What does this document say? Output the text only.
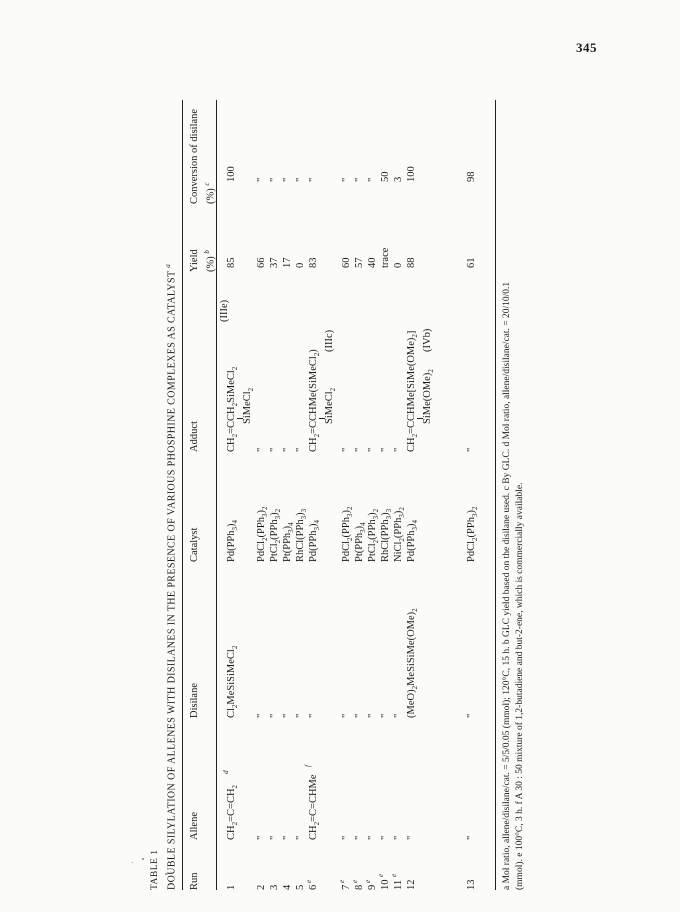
345
TABLE 1 DOUBLE SILYLATION OF ALLENES WITH DISILANES IN THE PRESENCE OF VARIOUS PHOSPHINE COMPLEXES AS CATALYST $^a$
Run
Allene
Disilane
Catalyst
Adduct
Yield (%) $^b$
Conversion of disilane (%) $^c$
1
$CH_2=C=CH_2$
d
$Cl_2MeSiSiMeCl_2$
$Pd(PPh_3)_4$
$CH_2=CCH_2SiMeCl_2$
SiMeCl$_2$
(IIIe)
85
100
2
"
"
$PdCl_2(PPh_3)_2$
"
66
"
3
"
"
$PtCl_2(PPh_3)_2$
"
37
"
4
"
"
$Pt(PPh_3)_4$
"
17
"
5
"
"
$RhCl(PPh_3)_3$
"
0
"
6
e
$CH_2=C=CHMe$
f
"
$Pd(PPh_3)_4$
$CH_2=CCHMe(SiMeCl_2)$
SiMeCl$_2$
(IIIc)
83
"
7
e
"
"
$PdCl_2(PPh_3)_2$
"
60
"
8
e
"
"
$Pt(PPh_3)_4$
"
57
"
9
e
"
"
$PtCl_2(PPh_3)_2$
"
40
"
10
e
"
"
$RhCl(PPh_3)_3$
"
trace
50
11
e
"
"
$NiCl_2(PPh_3)_2$
"
0
3
12
"
$(MeO)_2MeSiSiMe(OMe)_2$
$Pd(PPh_3)_4$
$CH_2=CCHMe[SiMe(OMe)_2]$
$SiMe(OMe)_2$
(IVb)
88
100
13
"
"
$PdCl_2(PPh_3)_2$
"
61
98
a Mol ratio, allene/disilane/cat. = 5/5/0.05 (mmol); 120°C, 15 h. b GLC yield based on the disilane used. c By GLC. d Mol ratio, allene/disilane/cat. = 20/10/0.1 (mmol). e 100°C, 3 h. f A 30 : 50 mixture of 1,2-butadiene and but-2-ene, which is commercially available.
